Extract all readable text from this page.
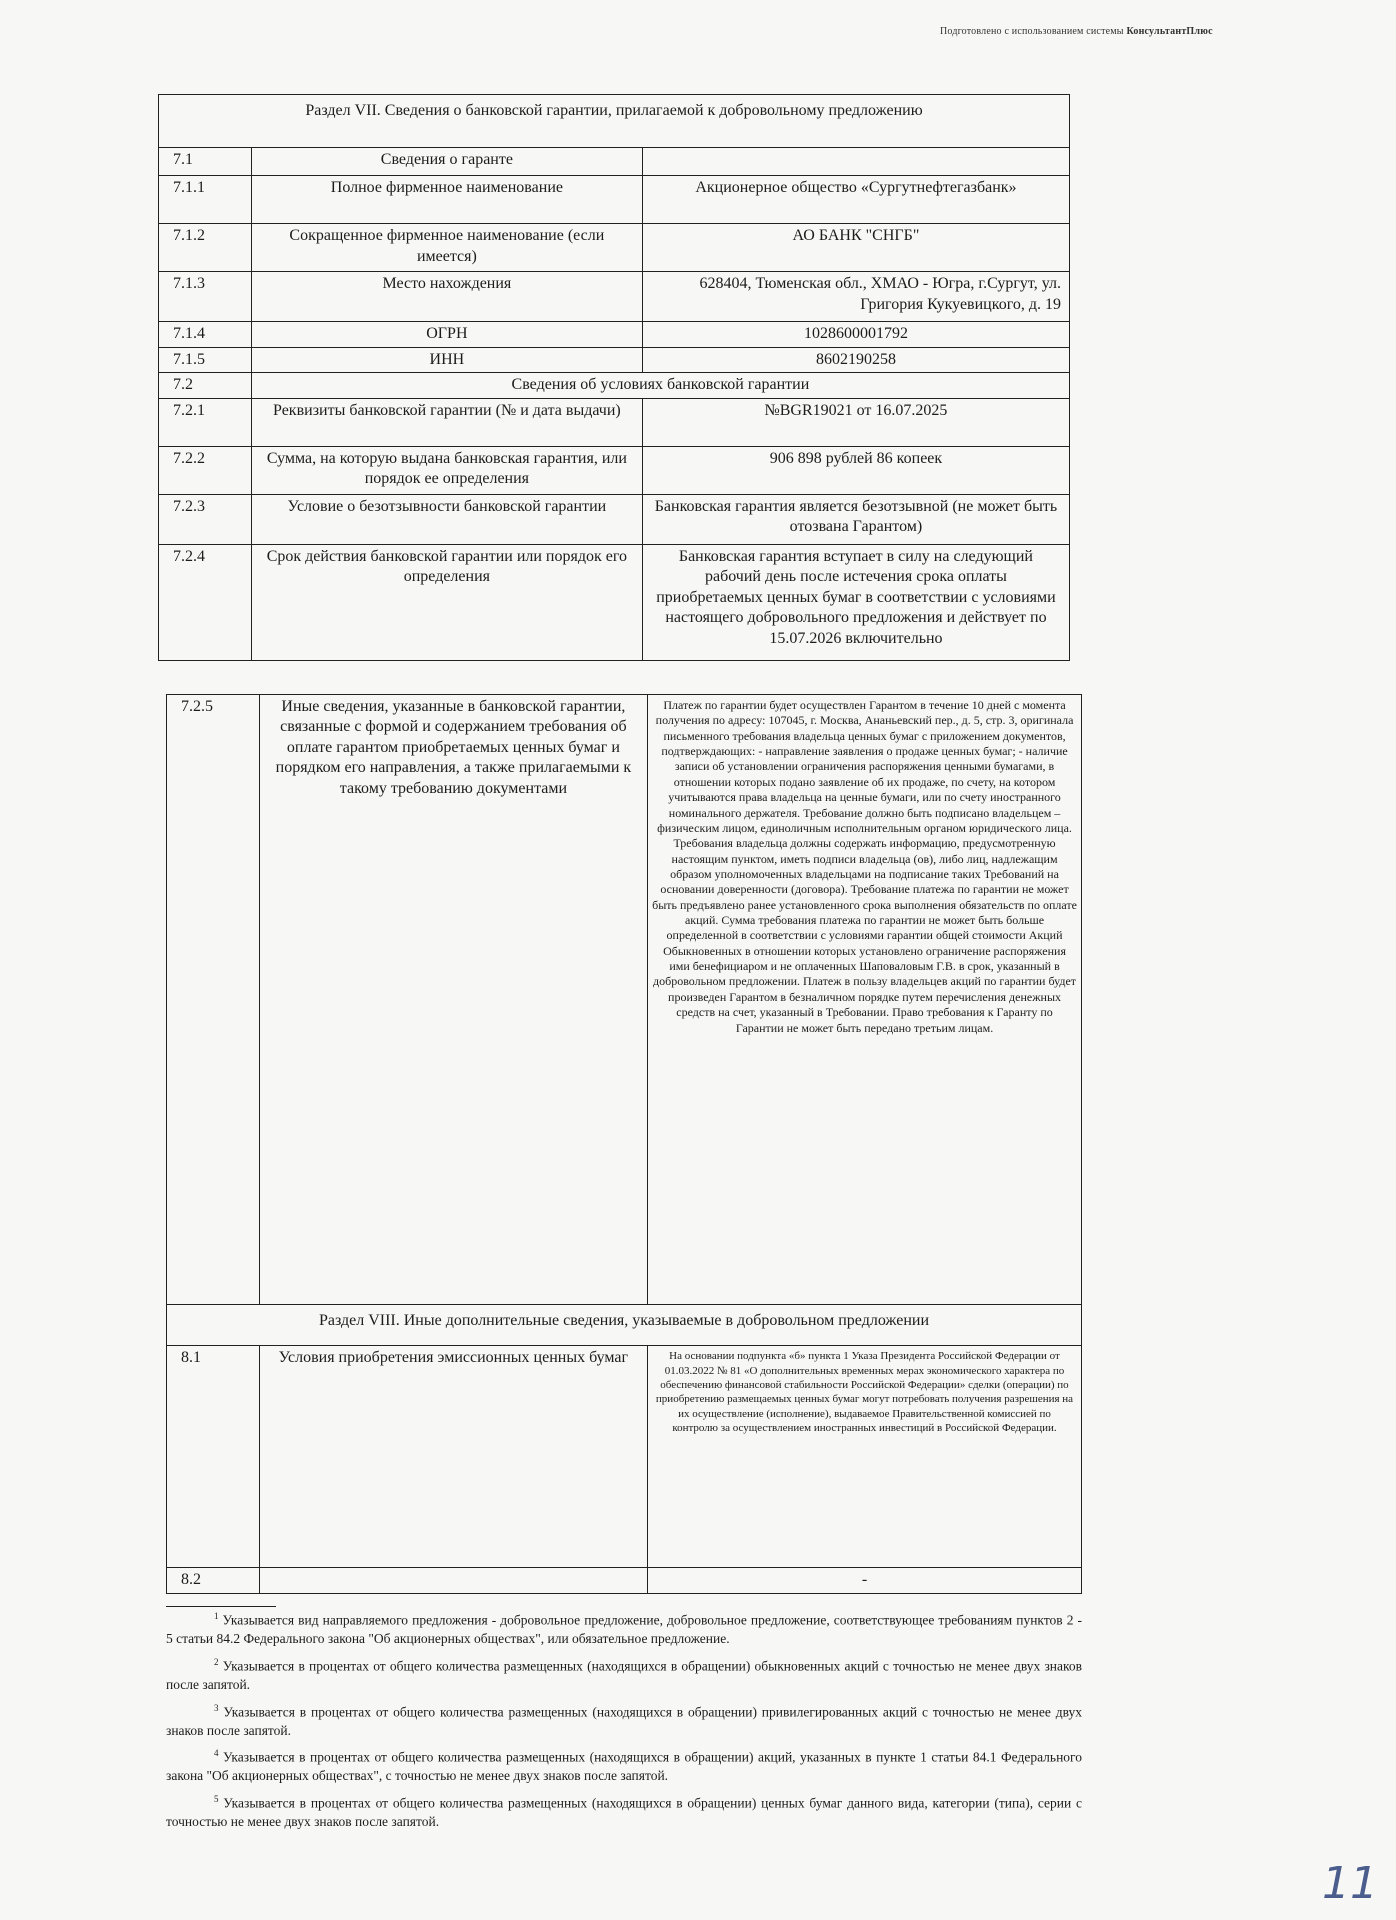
Подготовлено с использованием системы КонсультантПлюс
Раздел VII. Сведения о банковской гарантии, прилагаемой к добровольному предложению		
7.1	Сведения о гаранте	
7.1.1	Полное фирменное наименование	Акционерное общество «Сургутнефтегазбанк»
7.1.2	Сокращенное фирменное наименование (если имеется)	АО БАНК "СНГБ"
7.1.3	Место нахождения	628404, Тюменская обл., ХМАО - Югра, г.Сургут, ул. Григория Кукуевицкого, д. 19
7.1.4	ОГРН	1028600001792
7.1.5	ИНН	8602190258
7.2	Сведения об условиях банковской гарантии	
7.2.1	Реквизиты банковской гарантии (№ и дата выдачи)	№BGR19021 от 16.07.2025
7.2.2	Сумма, на которую выдана банковская гарантия, или порядок ее определения	906 898 рублей 86 копеек
7.2.3	Условие о безотзывности банковской гарантии	Банковская гарантия является безотзывной (не может быть отозвана Гарантом)
7.2.4	Срок действия банковской гарантии или порядок его определения	Банковская гарантия вступает в силу на следующий рабочий день после истечения срока оплаты приобретаемых ценных бумаг в соответствии с условиями настоящего добровольного предложения и действует по 15.07.2026 включительно
7.2.5	Иные сведения, указанные в банковской гарантии, связанные с формой и содержанием требования об оплате гарантом приобретаемых ценных бумаг и порядком его направления, а также прилагаемыми к такому требованию документами	Платеж по гарантии будет осуществлен Гарантом в течение 10 дней с момента получения по адресу: 107045, г. Москва, Ананьевский пер., д. 5, стр. 3, оригинала письменного требования владельца ценных бумаг с приложением документов, подтверждающих: - направление заявления о продаже ценных бумаг; - наличие записи об установлении ограничения распоряжения ценными бумагами, в отношении которых подано заявление об их продаже, по счету, на котором учитываются права владельца на ценные бумаги, или по счету иностранного номинального держателя. Требование должно быть подписано владельцем – физическим лицом, единоличным исполнительным органом юридического лица. Требования владельца должны содержать информацию, предусмотренную настоящим пунктом, иметь подписи владельца (ов), либо лиц, надлежащим образом уполномоченных владельцами на подписание таких Требований на основании доверенности (договора). Требование платежа по гарантии не может быть предъявлено ранее установленного срока выполнения обязательств по оплате акций. Сумма требования платежа по гарантии не может быть больше определенной в соответствии с условиями гарантии общей стоимости Акций Обыкновенных в отношении которых установлено ограничение распоряжения ими бенефициаром и не оплаченных Шаповаловым Г.В. в срок, указанный в добровольном предложении. Платеж в пользу владельцев акций по гарантии будет произведен Гарантом в безналичном порядке путем перечисления денежных средств на счет, указанный в Требовании. Право требования к Гаранту по Гарантии не может быть передано третьим лицам.
Раздел VIII. Иные дополнительные сведения, указываемые в добровольном предложении		
8.1	Условия приобретения эмиссионных ценных бумаг	На основании подпункта «б» пункта 1 Указа Президента Российской Федерации от 01.03.2022 № 81 «О дополнительных временных мерах экономического характера по обеспечению финансовой стабильности Российской Федерации» сделки (операции) по приобретению размещаемых ценных бумаг могут потребовать получения разрешения на их осуществление (исполнение), выдаваемое Правительственной комиссией по контролю за осуществлением иностранных инвестиций в Российской Федерации.
8.2		-

$^1$ Указывается вид направляемого предложения - добровольное предложение, добровольное предложение, соответствующее требованиям пунктов 2 - 5 статьи 84.2 Федерального закона "Об акционерных обществах", или обязательное предложение.

$^2$ Указывается в процентах от общего количества размещенных (находящихся в обращении) обыкновенных акций с точностью не менее двух знаков после запятой.

$^3$ Указывается в процентах от общего количества размещенных (находящихся в обращении) привилегированных акций с точностью не менее двух знаков после запятой.

$^4$ Указывается в процентах от общего количества размещенных (находящихся в обращении) акций, указанных в пункте 1 статьи 84.1 Федерального закона "Об акционерных обществах", с точностью не менее двух знаков после запятой.

$^5$ Указывается в процентах от общего количества размещенных (находящихся в обращении) ценных бумаг данного вида, категории (типа), серии с точностью не менее двух знаков после запятой.

11
